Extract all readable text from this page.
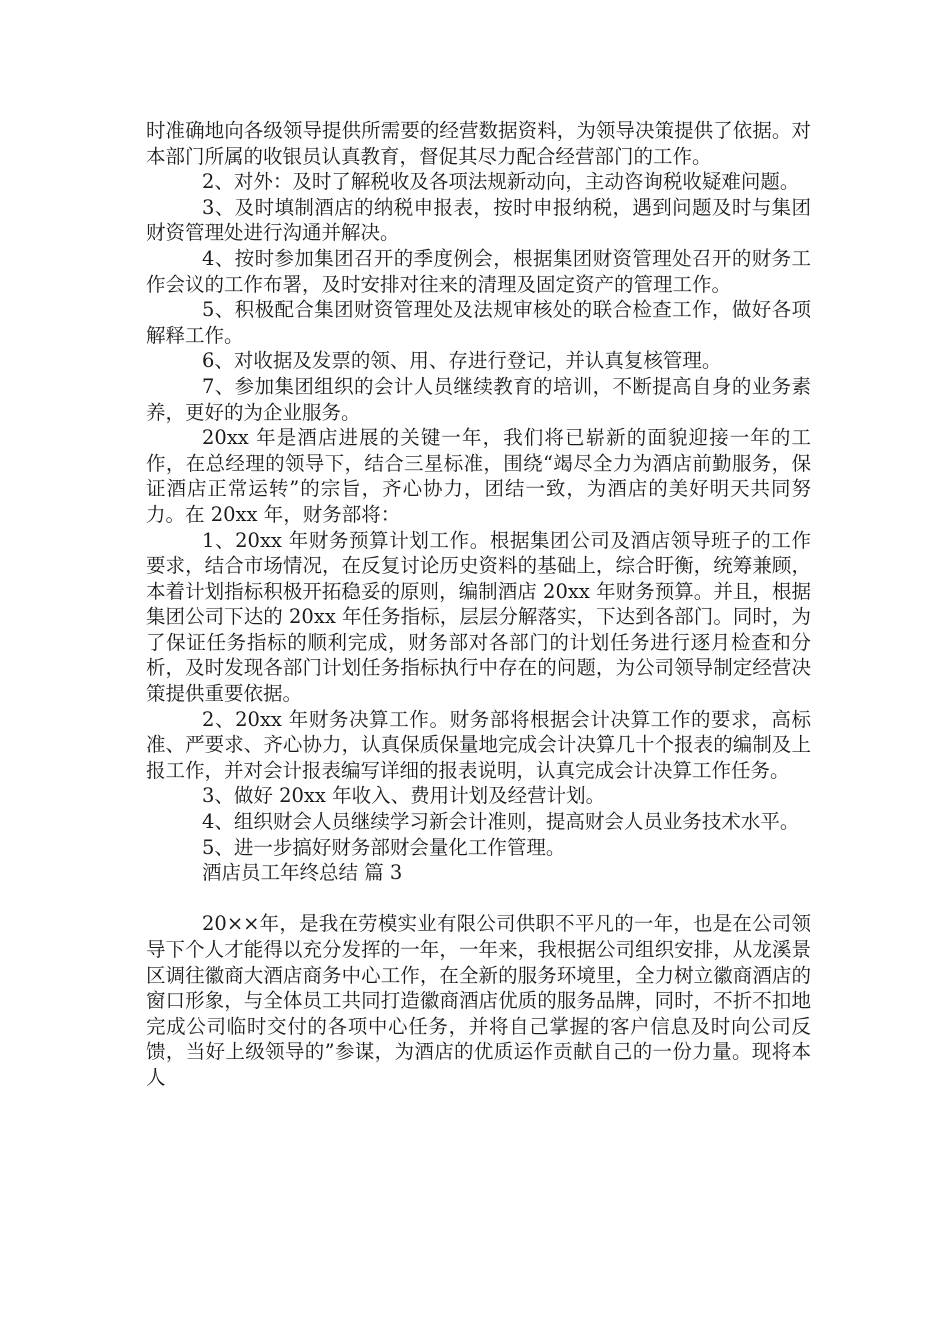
时准确地向各级领导提供所需要的经营数据资料，为领导决策提供了依据。对本部门所属的收银员认真教育，督促其尽力配合经营部门的工作。

2、对外：及时了解税收及各项法规新动向，主动咨询税收疑难问题。

3、及时填制酒店的纳税申报表，按时申报纳税，遇到问题及时与集团财资管理处进行沟通并解决。

4、按时参加集团召开的季度例会，根据集团财资管理处召开的财务工作会议的工作布署，及时安排对往来的清理及固定资产的管理工作。

5、积极配合集团财资管理处及法规审核处的联合检查工作，做好各项解释工作。

6、对收据及发票的领、用、存进行登记，并认真复核管理。

7、参加集团组织的会计人员继续教育的培训，不断提高自身的业务素养，更好的为企业服务。

20xx 年是酒店进展的关键一年，我们将已崭新的面貌迎接一年的工作，在总经理的领导下，结合三星标准，围绕“竭尽全力为酒店前勤服务，保证酒店正常运转”的宗旨，齐心协力，团结一致，为酒店的美好明天共同努力。在 20xx 年，财务部将：

1、20xx 年财务预算计划工作。根据集团公司及酒店领导班子的工作要求，结合市场情况，在反复讨论历史资料的基础上，综合盱衡，统筹兼顾，本着计划指标积极开拓稳妥的原则，编制酒店 20xx 年财务预算。并且，根据集团公司下达的 20xx 年任务指标，层层分解落实，下达到各部门。同时，为了保证任务指标的顺利完成，财务部对各部门的计划任务进行逐月检查和分析，及时发现各部门计划任务指标执行中存在的问题，为公司领导制定经营决策提供重要依据。

2、20xx 年财务决算工作。财务部将根据会计决算工作的要求，高标准、严要求、齐心协力，认真保质保量地完成会计决算几十个报表的编制及上报工作，并对会计报表编写详细的报表说明，认真完成会计决算工作任务。

3、做好 20xx 年收入、费用计划及经营计划。

4、组织财会人员继续学习新会计准则，提高财会人员业务技术水平。

5、进一步搞好财务部财会量化工作管理。

酒店员工年终总结 篇 3

20××年，是我在劳模实业有限公司供职不平凡的一年，也是在公司领导下个人才能得以充分发挥的一年，一年来，我根据公司组织安排，从龙溪景区调往徽商大酒店商务中心工作，在全新的服务环境里，全力树立徽商酒店的窗口形象，与全体员工共同打造徽商酒店优质的服务品牌，同时，不折不扣地完成公司临时交付的各项中心任务，并将自己掌握的客户信息及时向公司反馈，当好上级领导的”参谋，为酒店的优质运作贡献自己的一份力量。现将本人
